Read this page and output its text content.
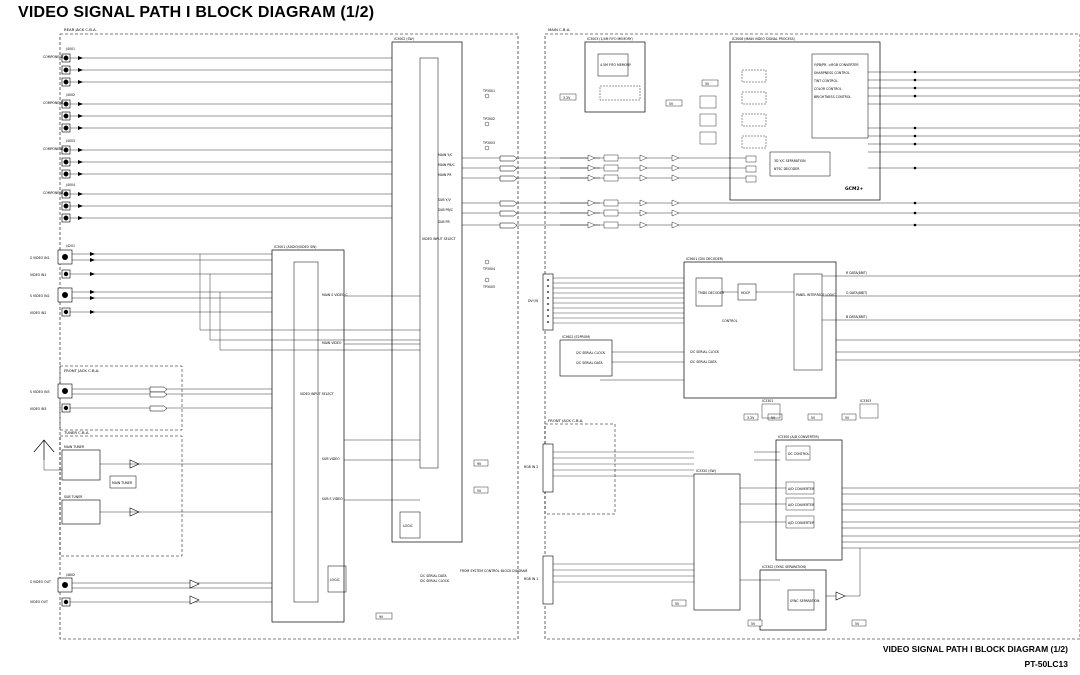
VIDEO SIGNAL PATH I BLOCK DIAGRAM (1/2)
REAR JACK C.B.A.
FRONT JACK C.B.A.
TUNER C.B.A.
MAIN C.B.A.
FRONT JACK C.B.A.
COMPONENT 1
COMPONENT 2
COMPONENT 3
COMPONENT 4
J4001
J4002
J4003
J4004
IC3002 (SW)
VIDEO INPUT SELECT
MAIN Y/C
MAIN PB/C
MAIN PR
SUB Y/V
SUB PB/C
SUB PR
TP3001
TP3002
TP3003
TP3004
TP3005
S VIDEO IN1
VIDEO IN1
S VIDEO IN2
VIDEO IN2
J4201	IC3001 (AUDIO/VIDEO SW)
VIDEO INPUT SELECT
MAIN S VIDEO C
MAIN VIDEO
SUB S VIDEO
SUB VIDEO
LOGIC
LOGIC
S VIDEO IN3
VIDEO IN3
MAIN TUNER
SUB TUNER
MAIN TUNER
S VIDEO OUT
VIDEO OUT
J4802
9V
5V
9V
FROM SYSTEM CONTROL BLOCK DIAGRAM
I2C SERIAL DATA
I2C SERIAL CLOCK
IC3003 (1/4M FIFO MEMORY)
4.5M FIFO MEMORY
IC3006 (MAIN VIDEO SIGNAL PROCESS)
Y/PB/PR ->RGB CONVERTER
SHARPNESS CONTROL
TINT CONTROL
COLOR CONTROL
BRIGHTNESS CONTROL
3D Y/C SEPARATION
NTSC DECODER
GCM2+
5V
3.3V
5V
R DATA(8BIT)
G DATA(8BIT)
B DATA(8BIT)
IC3601 (DVI DECODER)
TMDS DECODER	HDCP	PANEL INTERFACE LOGIC
CONTROL
DVI IN
IC3602 (E2PROM)
I2C SERIAL CLOCK
I2C SERIAL DATA
I2C SERIAL CLOCK
I2C SERIAL DATA
3.3V	5V	5V	5V
IC3301	IC3303
RGB IN 2
RGB IN 1
IC3320 (SW)
IC3300 (A/D CONVERTER)
A/D CONVERTER
A/D CONVERTER
A/D CONVERTER
DC CONTROL
IC3302 (SYNC SEPARATION)
SYNC SEPARATION
5V
5V
5V
VIDEO SIGNAL PATH I BLOCK DIAGRAM (1/2)
PT-50LC13
